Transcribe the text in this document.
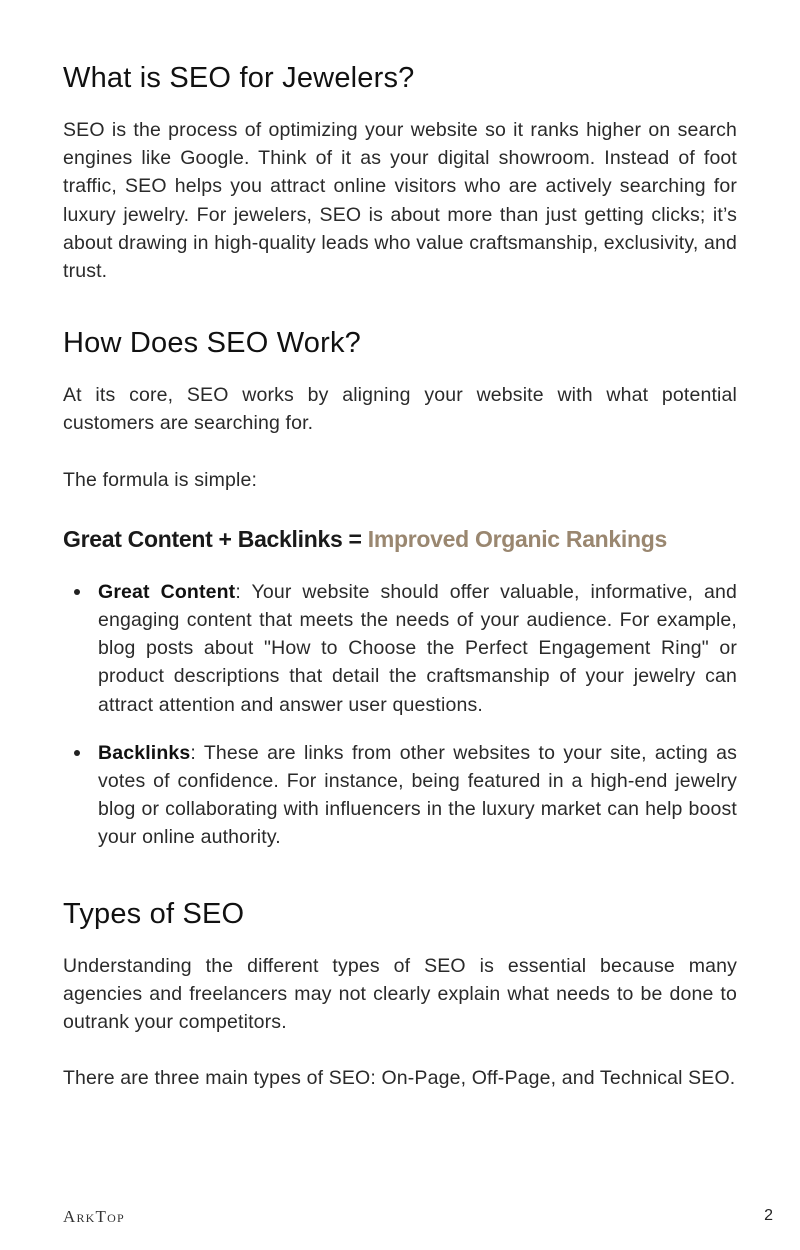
What is SEO for Jewelers?

SEO is the process of optimizing your website so it ranks higher on search engines like Google. Think of it as your digital showroom. Instead of foot traffic, SEO helps you attract online visitors who are actively searching for luxury jewelry. For jewelers, SEO is about more than just getting clicks; it’s about drawing in high-quality leads who value craftsmanship, exclusivity, and trust.

How Does SEO Work?

At its core, SEO works by aligning your website with what potential customers are searching for.

The formula is simple:

Great Content + Backlinks = Improved Organic Rankings
Great Content: Your website should offer valuable, informative, and engaging content that meets the needs of your audience. For example, blog posts about "How to Choose the Perfect Engagement Ring" or product descriptions that detail the craftsmanship of your jewelry can attract attention and answer user questions.
Backlinks: These are links from other websites to your site, acting as votes of confidence. For instance, being featured in a high-end jewelry blog or collaborating with influencers in the luxury market can help boost your online authority.
Types of SEO

Understanding the different types of SEO is essential because many agencies and freelancers may not clearly explain what needs to be done to outrank your competitors.

There are three main types of SEO: On-Page, Off-Page, and Technical SEO.

ArkTop	2
